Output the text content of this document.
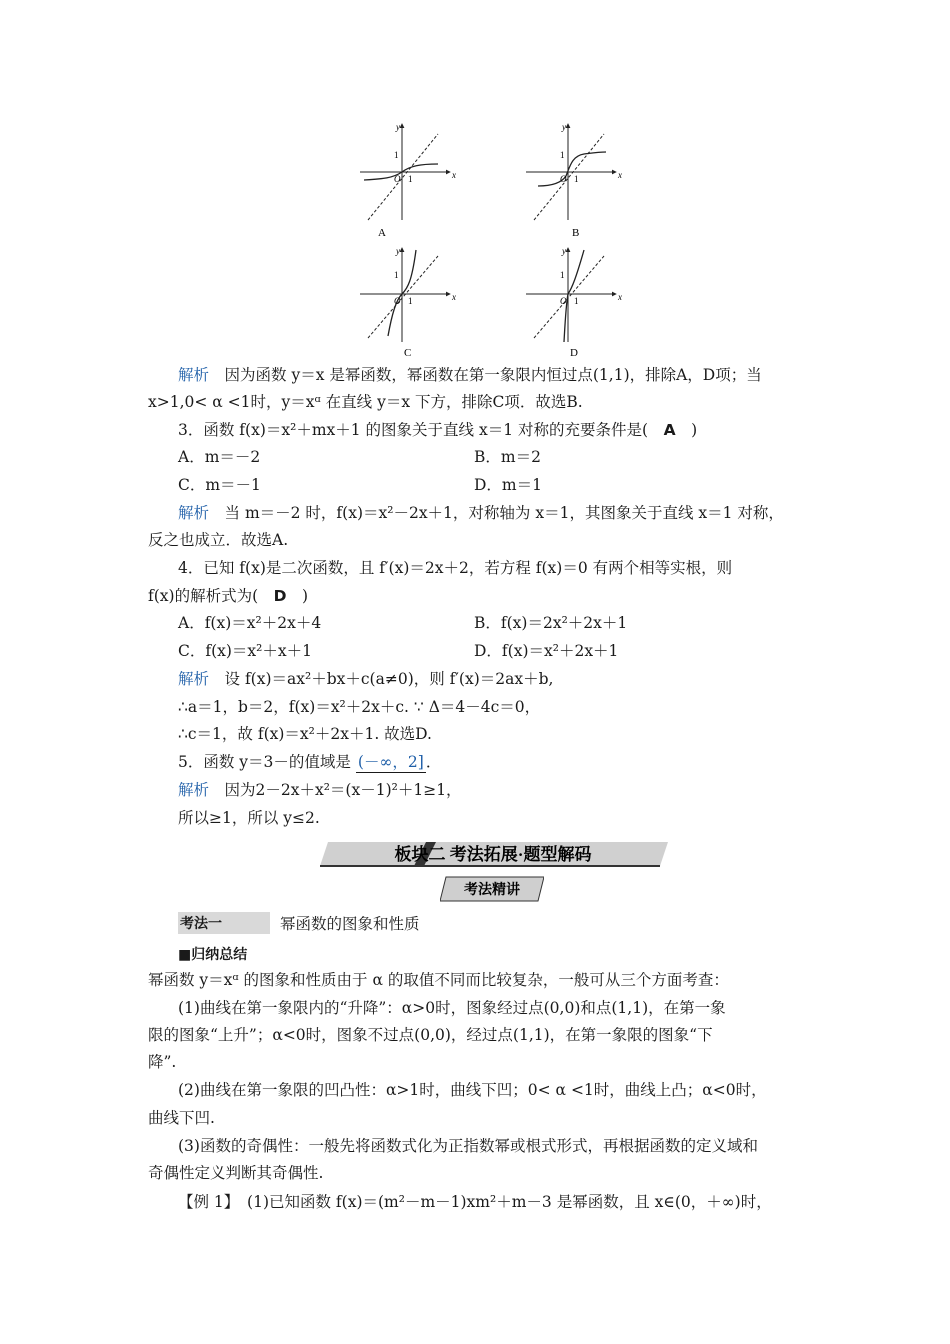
y
x
O 1
1
A
y
x
O 1
1
B
y
x
O 1
1
C
y
x
O 1
1
D
解析　因为函数 y＝x 是幂函数，幂函数在第一象限内恒过点(1,1)，排除A，D项；当
x>1,0< α <1时，y＝xᵅ 在直线 y＝x 下方，排除C项．故选B.
3．函数 f(x)＝x²＋mx＋1 的图象关于直线 x＝1 对称的充要条件是(　 A　)
A．m＝－2	B．m＝2
C．m＝－1	D．m＝1
解析　当 m＝－2 时，f(x)＝x²－2x＋1，对称轴为 x＝1，其图象关于直线 x＝1 对称，
反之也成立．故选A.
4．已知 f(x)是二次函数，且 f′(x)＝2x＋2，若方程 f(x)＝0 有两个相等实根，则
f(x)的解析式为(　 D　)
A．f(x)＝x²＋2x＋4	B．f(x)＝2x²＋2x＋1
C．f(x)＝x²＋x＋1	D．f(x)＝x²＋2x＋1
解析　设 f(x)＝ax²＋bx＋c(a≠0)，则 f′(x)＝2ax＋b,
∴a＝1，b＝2，f(x)＝x²＋2x＋c. ∵ Δ＝4－4c＝0，
∴c＝1，故 f(x)＝x²＋2x＋1. 故选D.
5．函数 y＝3－的值域是 (－∞，2] ．
解析　因为2－2x＋x²＝(x－1)²＋1≥1，
所以≥1，所以 y≤2.
板块二 考法拓展·题型解码
考法精讲
考法一	幂函数的图象和性质
■归纳总结
幂函数 y＝xᵅ 的图象和性质由于 α 的取值不同而比较复杂，一般可从三个方面考查：
(1)曲线在第一象限内的“升降”：α>0时，图象经过点(0,0)和点(1,1)，在第一象
限的图象“上升”；α<0时，图象不过点(0,0)，经过点(1,1)，在第一象限的图象“下
降”.
(2)曲线在第一象限的凹凸性：α>1时，曲线下凹；0< α <1时，曲线上凸；α<0时，
曲线下凹.
(3)函数的奇偶性：一般先将函数式化为正指数幂或根式形式，再根据函数的定义域和
奇偶性定义判断其奇偶性.
【例 1】　(1)已知函数 f(x)＝(m²－m－1)xm²＋m－3 是幂函数，且 x∈(0，＋∞)时，
